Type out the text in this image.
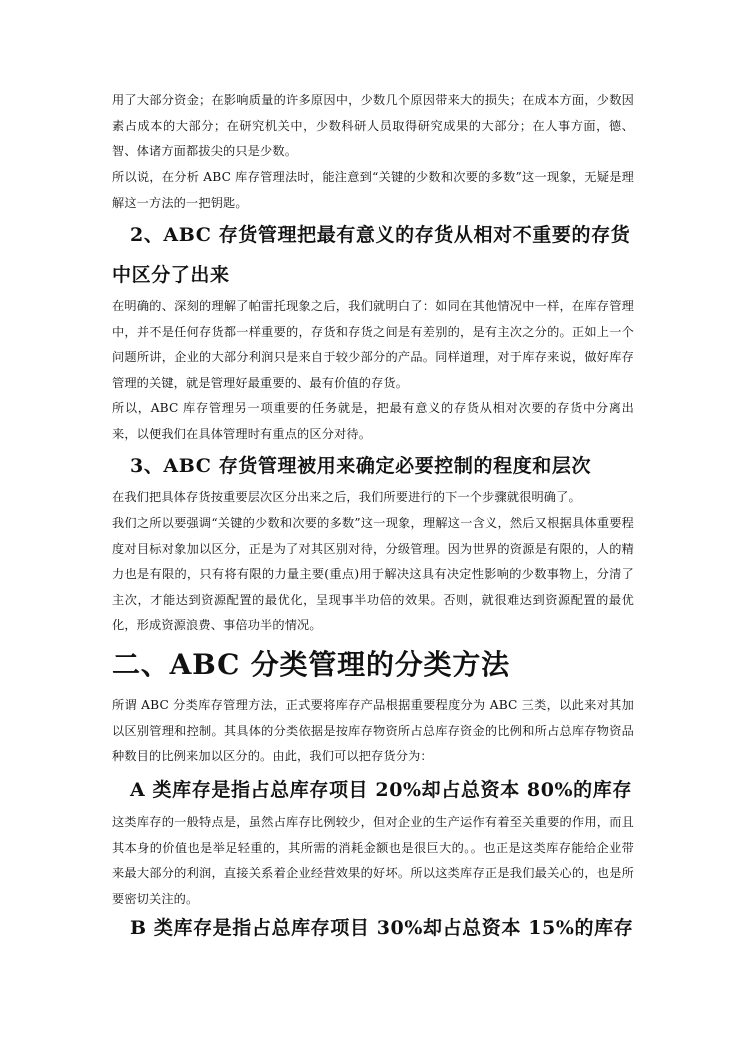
用了大部分资金；在影响质量的许多原因中，少数几个原因带来大的损失；在成本方面，少数因素占成本的大部分；在研究机关中，少数科研人员取得研究成果的大部分；在人事方面，德、智、体诸方面都拔尖的只是少数。

所以说，在分析 ABC 库存管理法时，能注意到“关键的少数和次要的多数”这一现象，无疑是理解这一方法的一把钥匙。

2、ABC 存货管理把最有意义的存货从相对不重要的存货中区分了出来

在明确的、深刻的理解了帕雷托现象之后，我们就明白了：如同在其他情况中一样，在库存管理中，并不是任何存货都一样重要的，存货和存货之间是有差别的，是有主次之分的。正如上一个问题所讲，企业的大部分利润只是来自于较少部分的产品。同样道理，对于库存来说，做好库存管理的关键，就是管理好最重要的、最有价值的存货。

所以，ABC 库存管理另一项重要的任务就是，把最有意义的存货从相对次要的存货中分离出来，以便我们在具体管理时有重点的区分对待。

3、ABC 存货管理被用来确定必要控制的程度和层次

在我们把具体存货按重要层次区分出来之后，我们所要进行的下一个步骤就很明确了。

我们之所以要强调“关键的少数和次要的多数”这一现象，理解这一含义，然后又根据具体重要程度对目标对象加以区分，正是为了对其区别对待，分级管理。因为世界的资源是有限的，人的精力也是有限的，只有将有限的力量主要(重点)用于解决这具有决定性影响的少数事物上，分清了主次，才能达到资源配置的最优化，呈现事半功倍的效果。否则，就很难达到资源配置的最优化，形成资源浪费、事倍功半的情况。

二、ABC 分类管理的分类方法

所谓 ABC 分类库存管理方法，正式要将库存产品根据重要程度分为 ABC 三类，以此来对其加以区别管理和控制。其具体的分类依据是按库存物资所占总库存资金的比例和所占总库存物资品种数目的比例来加以区分的。由此，我们可以把存货分为：

A 类库存是指占总库存项目 20%却占总资本 80%的库存

这类库存的一般特点是，虽然占库存比例较少，但对企业的生产运作有着至关重要的作用，而且其本身的价值也是举足轻重的，其所需的消耗金额也是很巨大的。。也正是这类库存能给企业带来最大部分的利润，直接关系着企业经营效果的好坏。所以这类库存正是我们最关心的，也是所要密切关注的。

B 类库存是指占总库存项目 30%却占总资本 15%的库存
